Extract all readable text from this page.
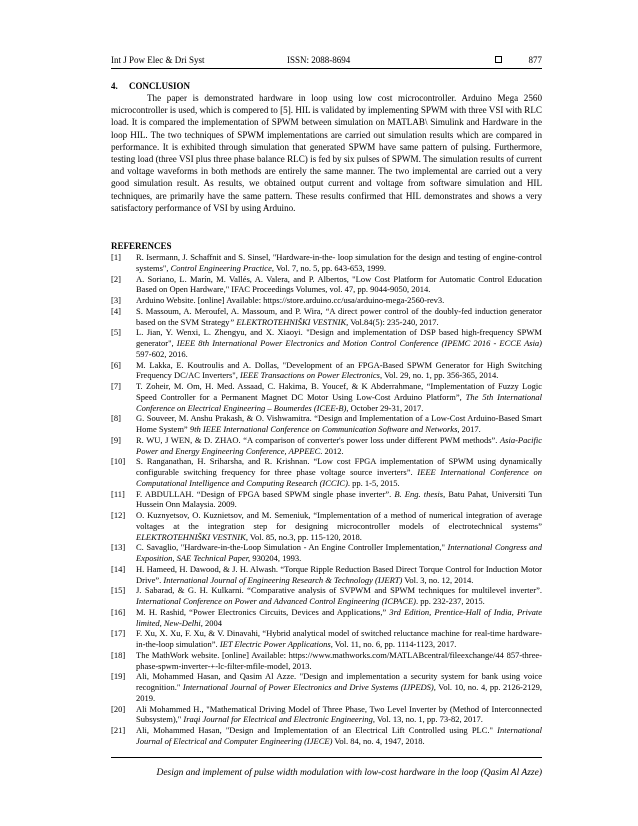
Int J Pow Elec & Dri Syst	ISSN: 2088-8694	877
4.     CONCLUSION

The paper is demonstrated hardware in loop using low cost microcontroller. Arduino Mega 2560 microcontroller is used, which is compered to [5]. HIL is validated by implementing SPWM with three VSI with RLC load. It is compared the implementation of SPWM between simulation on MATLAB\ Simulink and Hardware in the loop HIL. The two techniques of SPWM implementations are carried out simulation results which are compared in performance. It is exhibited through simulation that generated SPWM have same pattern of pulsing. Furthermore, testing load (three VSI plus three phase balance RLC) is fed by six pulses of SPWM. The simulation results of current and voltage waveforms in both methods are entirely the same manner. The two implemental are carried out a very good simulation result. As results, we obtained output current and voltage from software simulation and HIL techniques, are primarily have the same pattern. These results confirmed that HIL demonstrates and shows a very satisfactory performance of VSI by using Arduino.

REFERENCES
[1] R. Isermann, J. Schaffnit and S. Sinsel, "Hardware-in-the- loop simulation for the design and testing of engine-control systems", Control Engineering Practice, Vol. 7, no. 5, pp. 643-653, 1999.
[2] A. Soriano, L. Marín, M. Vallés, A. Valera, and P. Albertos, "Low Cost Platform for Automatic Control Education Based on Open Hardware," IFAC Proceedings Volumes, vol. 47, pp. 9044-9050, 2014.
[3] Arduino Website. [online] Available: https://store.arduino.cc/usa/arduino-mega-2560-rev3.
[4] S. Massoum, A. Meroufel, A. Massoum, and P. Wira, “A direct power control of the doubly-fed induction generator based on the SVM Strategy” ELEKTROTEHNIŠKI VESTNIK, Vol.84(5): 235-240, 2017.
[5] L. Jian, Y. Wenxi, L. Zhengyu, and X. Xiaoyi. "Design and implementation of DSP based high-frequency SPWM generator", IEEE 8th International Power Electronics and Motion Control Conference (IPEMC 2016 - ECCE Asia) 597-602, 2016.
[6] M. Lakka, E. Koutroulis and A. Dollas, "Development of an FPGA-Based SPWM Generator for High Switching Frequency DC/AC Inverters", IEEE Transactions on Power Electronics, Vol. 29, no. 1, pp. 356-365, 2014.
[7] T. Zoheir, M. Om, H. Med. Assaad, C. Hakima, B. Youcef, & K Abderrahmane, “Implementation of Fuzzy Logic Speed Controller for a Permanent Magnet DC Motor Using Low-Cost Arduino Platform”, The 5th International Conference on Electrical Engineering – Boumerdes (ICEE-B), October 29-31, 2017.
[8] G. Souveer, M. Anshu Prakash, & O. Vishwamitra. “Design and Implementation of a Low-Cost Arduino-Based Smart Home System” 9th IEEE International Conference on Communication Software and Networks, 2017.
[9] R. WU, J WEN, & D. ZHAO. “A comparison of converter's power loss under different PWM methods”. Asia-Pacific Power and Energy Engineering Conference, APPEEC. 2012.
[10] S. Ranganathan, H. Sriharsha, and R. Krishnan. “Low cost FPGA implementation of SPWM using dynamically configurable switching frequency for three phase voltage source inverters”. IEEE International Conference on Computational Intelligence and Computing Research (ICCIC). pp. 1-5, 2015.
[11] F. ABDULLAH. “Design of FPGA based SPWM single phase inverter”. B. Eng. thesis, Batu Pahat, Universiti Tun Hussein Onn Malaysia. 2009.
[12] O. Kuznyetsov, O. Kuznietsov, and M. Semeniuk, “Implementation of a method of numerical integration of average voltages at the integration step for designing microcontroller models of electrotechnical systems” ELEKTROTEHNIŠKI VESTNIK, Vol. 85, no.3, pp. 115-120, 2018.
[13] C. Savaglio, "Hardware-in-the-Loop Simulation - An Engine Controller Implementation," International Congress and Exposition, SAE Technical Paper, 930204, 1993.
[14] H. Hameed, H. Dawood, & J. H. Alwash. “Torque Ripple Reduction Based Direct Torque Control for Induction Motor Drive”. International Journal of Engineering Research & Technology (IJERT) Vol. 3, no. 12, 2014.
[15] J. Sabarad, & G. H. Kulkarni. “Comparative analysis of SVPWM and SPWM techniques for multilevel inverter”. International Conference on Power and Advanced Control Engineering (ICPACE). pp. 232-237, 2015.
[16] M. H. Rashid, “Power Electronics Circuits, Devices and Applications,” 3rd Edition, Prentice-Hall of India, Private limited, New-Delhi, 2004
[17] F. Xu, X. Xu, F. Xu, & V. Dinavahi, “Hybrid analytical model of switched reluctance machine for real-time hardware-in-the-loop simulation”. IET Electric Power Applications, Vol. 11, no. 6, pp. 1114-1123, 2017.
[18] The MathWork website. [online] Available: https://www.mathworks.com/MATLABcentral/fileexchange/44 857-three-phase-spwm-inverter-+-lc-filter-mfile-model, 2013.
[19] Ali, Mohammed Hasan, and Qasim Al Azze. "Design and implementation a security system for bank using voice recognition." International Journal of Power Electronics and Drive Systems (IJPEDS), Vol. 10, no. 4, pp. 2126-2129, 2019.
[20] Ali Mohammed H., "Mathematical Driving Model of Three Phase, Two Level Inverter by (Method of Interconnected Subsystem)," Iraqi Journal for Electrical and Electronic Engineering, Vol. 13, no. 1, pp. 73-82, 2017.
[21] Ali, Mohammed Hasan, "Design and Implementation of an Electrical Lift Controlled using PLC." International Journal of Electrical and Computer Engineering (IJECE) Vol. 84, no. 4, 1947, 2018.
Design and implement of pulse width modulation with low-cost hardware in the loop (Qasim Al Azze)
